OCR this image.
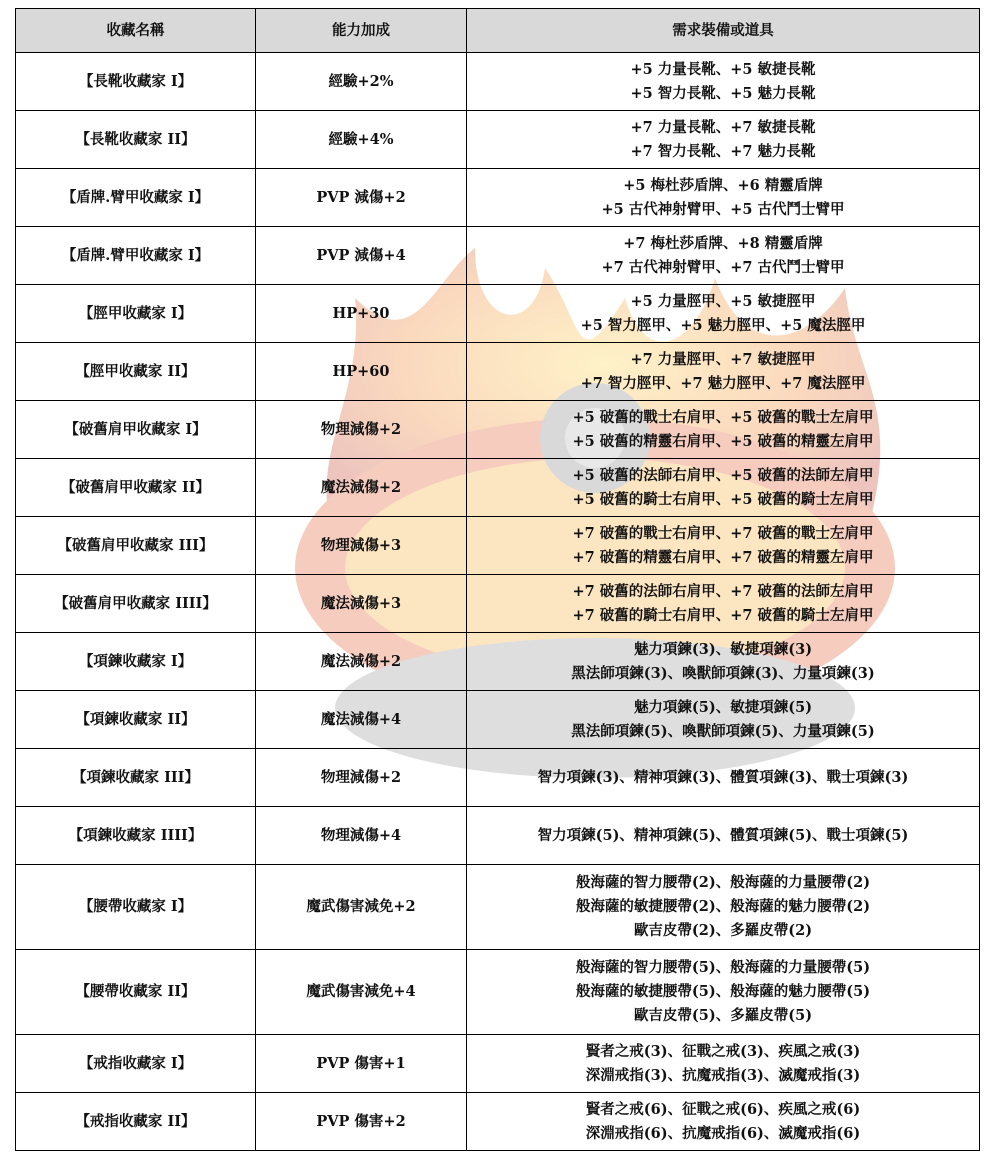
收藏名稱	能力加成	需求裝備或道具
【長靴收藏家 I】	經驗+2%	+5 力量長靴、+5 敏捷長靴
+5 智力長靴、+5 魅力長靴

【長靴收藏家 II】	經驗+4%	+7 力量長靴、+7 敏捷長靴
+7 智力長靴、+7 魅力長靴

【盾牌.臂甲收藏家 I】	PVP 減傷+2	+5 梅杜莎盾牌、+6 精靈盾牌
+5 古代神射臂甲、+5 古代鬥士臂甲

【盾牌.臂甲收藏家 I】	PVP 減傷+4	+7 梅杜莎盾牌、+8 精靈盾牌
+7 古代神射臂甲、+7 古代鬥士臂甲

【脛甲收藏家 I】	HP+30	+5 力量脛甲、+5 敏捷脛甲
+5 智力脛甲、+5 魅力脛甲、+5 魔法脛甲

【脛甲收藏家 II】	HP+60	+7 力量脛甲、+7 敏捷脛甲
+7 智力脛甲、+7 魅力脛甲、+7 魔法脛甲

【破舊肩甲收藏家 I】	物理減傷+2	+5 破舊的戰士右肩甲、+5 破舊的戰士左肩甲
+5 破舊的精靈右肩甲、+5 破舊的精靈左肩甲

【破舊肩甲收藏家 II】	魔法減傷+2	+5 破舊的法師右肩甲、+5 破舊的法師左肩甲
+5 破舊的騎士右肩甲、+5 破舊的騎士左肩甲

【破舊肩甲收藏家 III】	物理減傷+3	+7 破舊的戰士右肩甲、+7 破舊的戰士左肩甲
+7 破舊的精靈右肩甲、+7 破舊的精靈左肩甲

【破舊肩甲收藏家 IIII】	魔法減傷+3	+7 破舊的法師右肩甲、+7 破舊的法師左肩甲
+7 破舊的騎士右肩甲、+7 破舊的騎士左肩甲

【項鍊收藏家 I】	魔法減傷+2	魅力項鍊(3)、敏捷項鍊(3)
黑法師項鍊(3)、喚獸師項鍊(3)、力量項鍊(3)

【項鍊收藏家 II】	魔法減傷+4	魅力項鍊(5)、敏捷項鍊(5)
黑法師項鍊(5)、喚獸師項鍊(5)、力量項鍊(5)

【項鍊收藏家 III】	物理減傷+2	智力項鍊(3)、精神項鍊(3)、體質項鍊(3)、戰士項鍊(3)

【項鍊收藏家 IIII】	物理減傷+4	智力項鍊(5)、精神項鍊(5)、體質項鍊(5)、戰士項鍊(5)

【腰帶收藏家 I】	魔武傷害減免+2	般海薩的智力腰帶(2)、般海薩的力量腰帶(2)
般海薩的敏捷腰帶(2)、般海薩的魅力腰帶(2)
歐吉皮帶(2)、多羅皮帶(2)

【腰帶收藏家 II】	魔武傷害減免+4	般海薩的智力腰帶(5)、般海薩的力量腰帶(5)
般海薩的敏捷腰帶(5)、般海薩的魅力腰帶(5)
歐吉皮帶(5)、多羅皮帶(5)

【戒指收藏家 I】	PVP 傷害+1	賢者之戒(3)、征戰之戒(3)、疾風之戒(3)
深淵戒指(3)、抗魔戒指(3)、滅魔戒指(3)

【戒指收藏家 II】	PVP 傷害+2	賢者之戒(6)、征戰之戒(6)、疾風之戒(6)
深淵戒指(6)、抗魔戒指(6)、滅魔戒指(6)
